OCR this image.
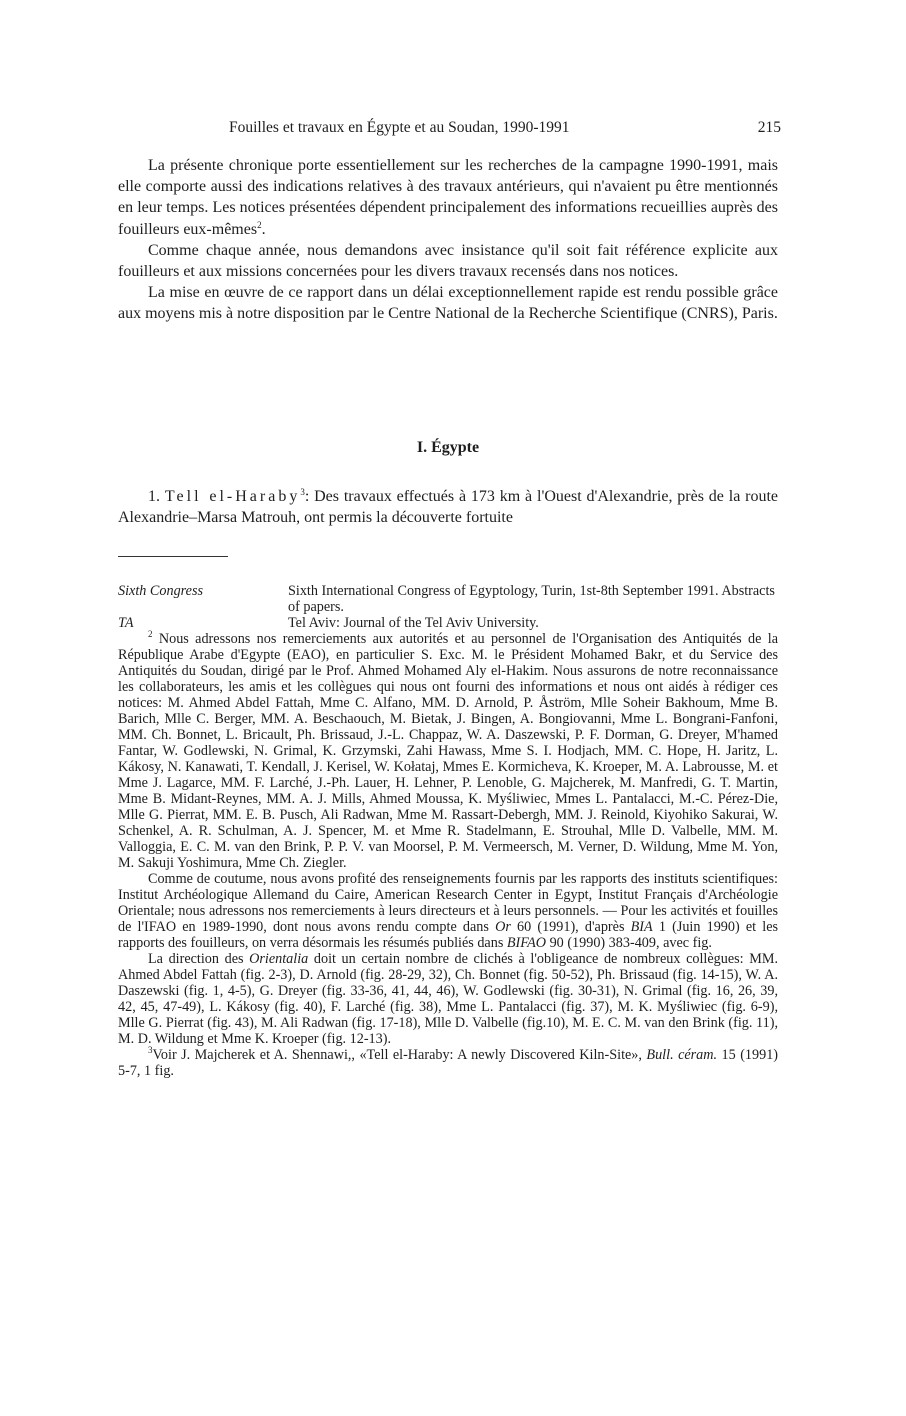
Fouilles et travaux en Égypte et au Soudan, 1990-1991	215

La présente chronique porte essentiellement sur les recherches de la campagne 1990-1991, mais elle comporte aussi des indications relatives à des travaux antérieurs, qui n'avaient pu être mentionnés en leur temps. Les notices présentées dépendent principalement des informations recueillies auprès des fouilleurs eux-mêmes$^2$.

Comme chaque année, nous demandons avec insistance qu'il soit fait référence explicite aux fouilleurs et aux missions concernées pour les divers travaux recensés dans nos notices.

La mise en œuvre de ce rapport dans un délai exceptionnellement rapide est rendu possible grâce aux moyens mis à notre disposition par le Centre National de la Recherche Scientifique (CNRS), Paris.

I. Égypte

1. Tell el-Haraby$^3$: Des travaux effectués à 173 km à l'Ouest d'Alexandrie, près de la route Alexandrie–Marsa Matrouh, ont permis la découverte fortuite

Sixth Congress	Sixth International Congress of Egyptology, Turin, 1st-8th September 1991. Abstracts of papers.
TA	Tel Aviv: Journal of the Tel Aviv University.

$^2$ Nous adressons nos remerciements aux autorités et au personnel de l'Organisation des Antiquités de la République Arabe d'Egypte (EAO), en particulier S. Exc. M. le Président Mohamed Bakr, et du Service des Antiquités du Soudan, dirigé par le Prof. Ahmed Mohamed Aly el-Hakim. Nous assurons de notre reconnaissance les collaborateurs, les amis et les collègues qui nous ont fourni des informations et nous ont aidés à rédiger ces notices: M. Ahmed Abdel Fattah, Mme C. Alfano, MM. D. Arnold, P. Åström, Mlle Soheir Bakhoum, Mme B. Barich, Mlle C. Berger, MM. A. Beschaouch, M. Bietak, J. Bingen, A. Bongiovanni, Mme L. Bongrani-Fanfoni, MM. Ch. Bonnet, L. Bricault, Ph. Brissaud, J.-L. Chappaz, W. A. Daszewski, P. F. Dorman, G. Dreyer, M'hamed Fantar, W. Godlewski, N. Grimal, K. Grzymski, Zahi Hawass, Mme S. I. Hodjach, MM. C. Hope, H. Jaritz, L. Kákosy, N. Kanawati, T. Kendall, J. Kerisel, W. Kołataj, Mmes E. Kormicheva, K. Kroeper, M. A. Labrousse, M. et Mme J. Lagarce, MM. F. Larché, J.-Ph. Lauer, H. Lehner, P. Lenoble, G. Majcherek, M. Manfredi, G. T. Martin, Mme B. Midant-Reynes, MM. A. J. Mills, Ahmed Moussa, K. Myśliwiec, Mmes L. Pantalacci, M.-C. Pérez-Die, Mlle G. Pierrat, MM. E. B. Pusch, Ali Radwan, Mme M. Rassart-Debergh, MM. J. Reinold, Kiyohiko Sakurai, W. Schenkel, A. R. Schulman, A. J. Spencer, M. et Mme R. Stadelmann, E. Strouhal, Mlle D. Valbelle, MM. M. Valloggia, E. C. M. van den Brink, P. P. V. van Moorsel, P. M. Vermeersch, M. Verner, D. Wildung, Mme M. Yon, M. Sakuji Yoshimura, Mme Ch. Ziegler.

Comme de coutume, nous avons profité des renseignements fournis par les rapports des instituts scientifiques: Institut Archéologique Allemand du Caire, American Research Center in Egypt, Institut Français d'Archéologie Orientale; nous adressons nos remerciements à leurs directeurs et à leurs personnels. — Pour les activités et fouilles de l'IFAO en 1989-1990, dont nous avons rendu compte dans Or 60 (1991), d'après BIA 1 (Juin 1990) et les rapports des fouilleurs, on verra désormais les résumés publiés dans BIFAO 90 (1990) 383-409, avec fig.

La direction des Orientalia doit un certain nombre de clichés à l'obligeance de nombreux collègues: MM. Ahmed Abdel Fattah (fig. 2-3), D. Arnold (fig. 28-29, 32), Ch. Bonnet (fig. 50-52), Ph. Brissaud (fig. 14-15), W. A. Daszewski (fig. 1, 4-5), G. Dreyer (fig. 33-36, 41, 44, 46), W. Godlewski (fig. 30-31), N. Grimal (fig. 16, 26, 39, 42, 45, 47-49), L. Kákosy (fig. 40), F. Larché (fig. 38), Mme L. Pantalacci (fig. 37), M. K. Myśliwiec (fig. 6-9), Mlle G. Pierrat (fig. 43), M. Ali Radwan (fig. 17-18), Mlle D. Valbelle (fig.10), M. E. C. M. van den Brink (fig. 11), M. D. Wildung et Mme K. Kroeper (fig. 12-13).

$^3$Voir J. Majcherek et A. Shennawi,, «Tell el-Haraby: A newly Discovered Kiln-Site», Bull. céram. 15 (1991) 5-7, 1 fig.
